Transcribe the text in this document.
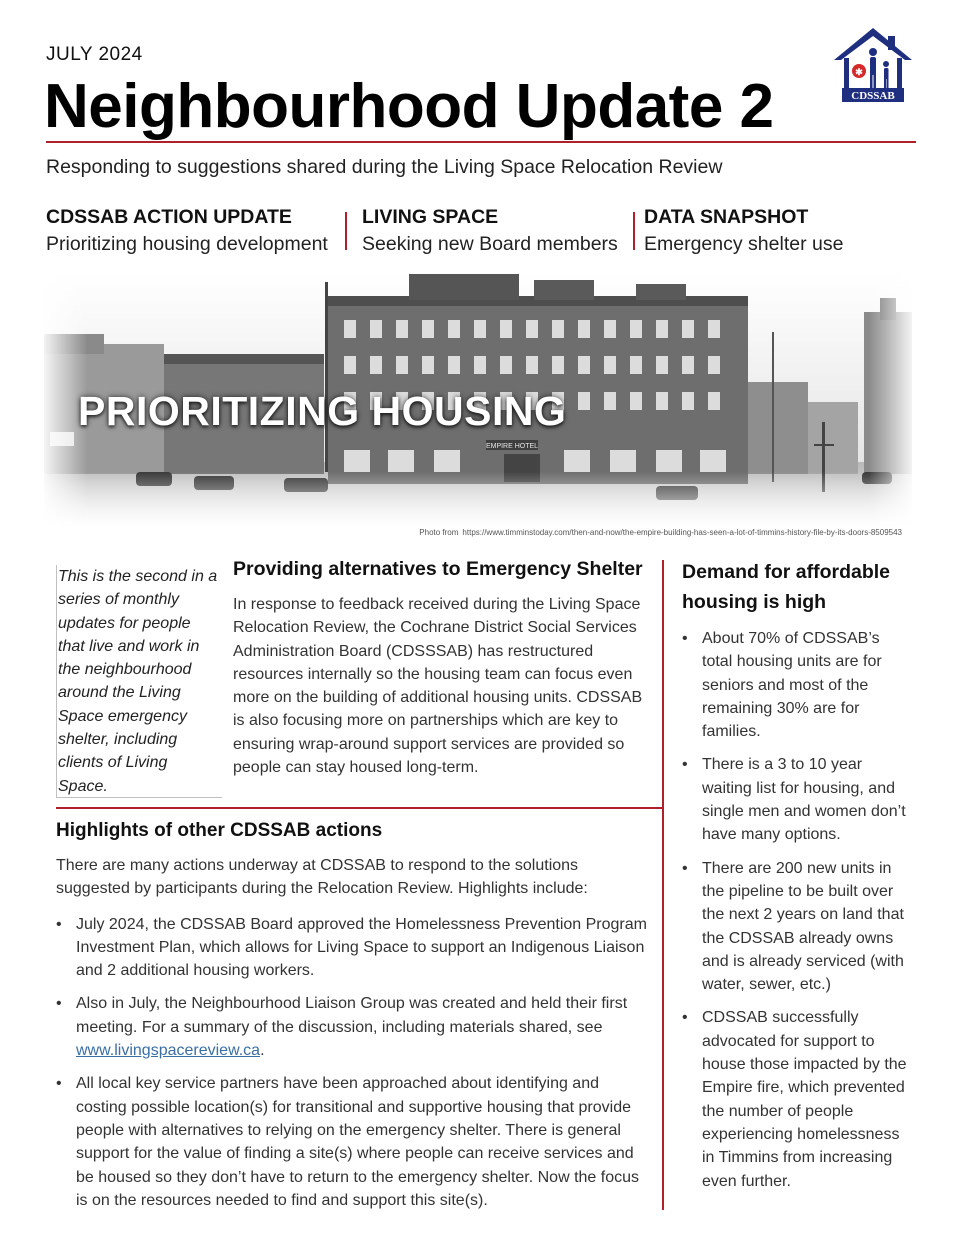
JULY 2024
✱
CDSSAB
Neighbourhood Update 2
Responding to suggestions shared during the Living Space Relocation Review
CDSSAB ACTION UPDATE
Prioritizing housing development
LIVING SPACE
Seeking new Board members
DATA SNAPSHOT
Emergency shelter use
PRIORITIZING HOUSING
Photo from https://www.timminstoday.com/then-and-now/the-empire-building-has-seen-a-lot-of-timmins-history-file-by-its-doors-8509543
This is the second in a series of monthly updates for people that live and work in the neighbourhood around the Living Space emergency shelter, including clients of Living Space.
Providing alternatives to Emergency Shelter

In response to feedback received during the Living Space Relocation Review, the Cochrane District Social Services Administration Board (CDSSSAB) has restructured resources internally so the housing team can focus even more on the building of additional housing units. CDSSAB is also focusing more on partnerships which are key to ensuring wrap-around support services are provided so people can stay housed long-term.

Highlights of other CDSSAB actions
There are many actions underway at CDSSAB to respond to the solutions suggested by participants during the Relocation Review. Highlights include:
• July 2024, the CDSSAB Board approved the Homelessness Prevention Program Investment Plan, which allows for Living Space to support an Indigenous Liaison and 2 additional housing workers.
• Also in July, the Neighbourhood Liaison Group was created and held their first meeting. For a summary of the discussion, including materials shared, see www.livingspacereview.ca.
• All local key service partners have been approached about identifying and costing possible location(s) for transitional and supportive housing that provide people with alternatives to relying on the emergency shelter. There is general support for the value of finding a site(s) where people can receive services and be housed so they don’t have to return to the emergency shelter. Now the focus is on the resources needed to find and support this site(s).
Demand for affordable housing is high
• About 70% of CDSSAB’s total housing units are for seniors and most of the remaining 30% are for families.
• There is a 3 to 10 year waiting list for housing, and single men and women don’t have many options.
• There are 200 new units in the pipeline to be built over the next 2 years on land that the CDSSAB already owns and is already serviced (with water, sewer, etc.)
• CDSSAB successfully advocated for support to house those impacted by the Empire fire, which prevented the number of people experiencing homelessness in Timmins from increasing even further.
